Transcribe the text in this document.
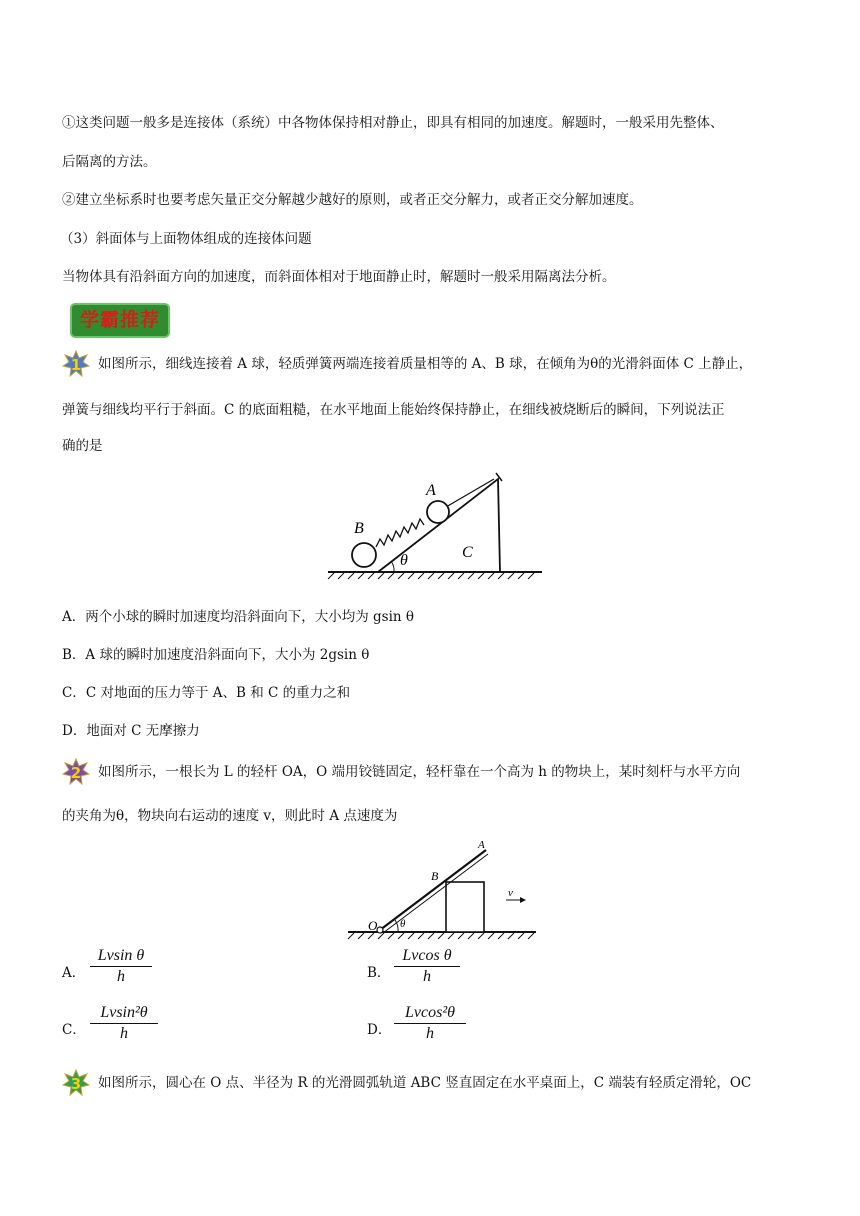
①这类问题一般多是连接体（系统）中各物体保持相对静止，即具有相同的加速度。解题时，一般采用先整体、
后隔离的方法。
②建立坐标系时也要考虑矢量正交分解越少越好的原则，或者正交分解力，或者正交分解加速度。
（3）斜面体与上面物体组成的连接体问题
当物体具有沿斜面方向的加速度，而斜面体相对于地面静止时，解题时一般采用隔离法分析。
学霸推荐
1 如图所示，细线连接着 A 球，轻质弹簧两端连接着质量相等的 A、B 球，在倾角为θ的光滑斜面体 C 上静止，
弹簧与细线均平行于斜面。C 的底面粗糙，在水平地面上能始终保持静止，在细线被烧断后的瞬间，下列说法正
确的是
B
A
θ	C
A．两个小球的瞬时加速度均沿斜面向下，大小均为 gsin θ
B．A 球的瞬时加速度沿斜面向下，大小为 2gsin θ
C．C 对地面的压力等于 A、B 和 C 的重力之和
D．地面对 C 无摩擦力
2 如图所示，一根长为 L 的轻杆 OA，O 端用铰链固定，轻杆靠在一个高为 h 的物块上，某时刻杆与水平方向
的夹角为θ，物块向右运动的速度 v，则此时 A 点速度为
O θ
B
A
v
A．
Lvsin θ
h	B．
Lvcos θ
h
C．
Lvsin²θ
h	D．
Lvcos²θ
h
3 如图所示，圆心在 O 点、半径为 R 的光滑圆弧轨道 ABC 竖直固定在水平桌面上，C 端装有轻质定滑轮，OC
